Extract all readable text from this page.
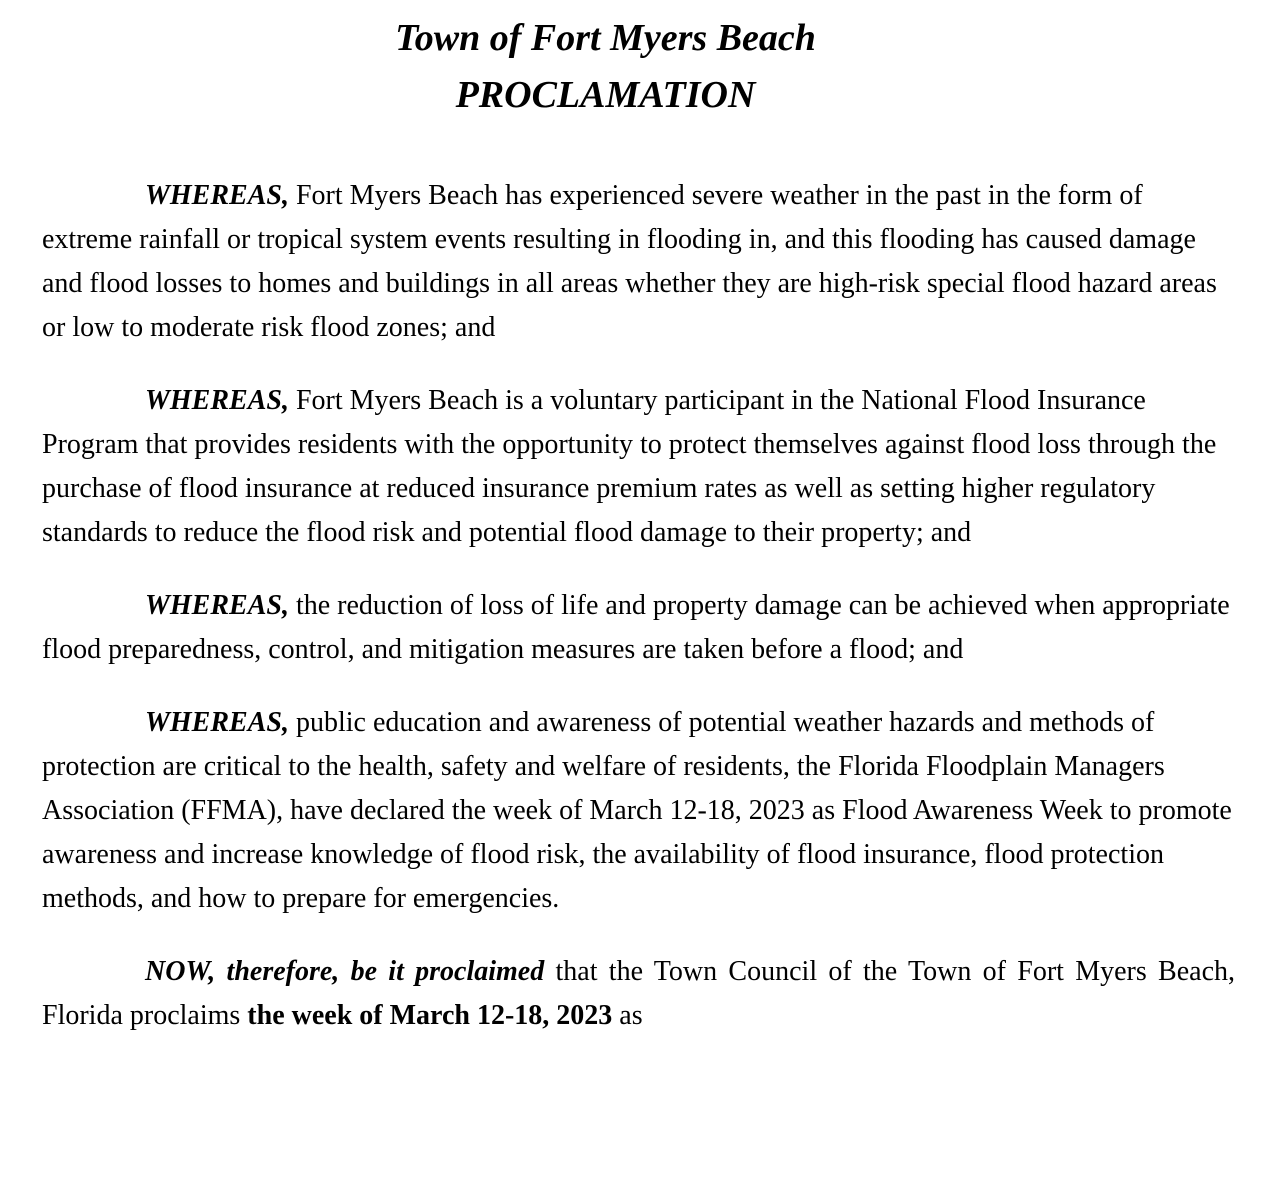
Town of Fort Myers Beach
PROCLAMATION

WHEREAS, Fort Myers Beach has experienced severe weather in the past in the form of extreme rainfall or tropical system events resulting in flooding in, and this flooding has caused damage and flood losses to homes and buildings in all areas whether they are high-risk special flood hazard areas or low to moderate risk flood zones; and

WHEREAS, Fort Myers Beach is a voluntary participant in the National Flood Insurance Program that provides residents with the opportunity to protect themselves against flood loss through the purchase of flood insurance at reduced insurance premium rates as well as setting higher regulatory standards to reduce the flood risk and potential flood damage to their property; and

WHEREAS, the reduction of loss of life and property damage can be achieved when appropriate flood preparedness, control, and mitigation measures are taken before a flood; and

WHEREAS, public education and awareness of potential weather hazards and methods of protection are critical to the health, safety and welfare of residents, the Florida Floodplain Managers Association (FFMA), have declared the week of March 12-18, 2023 as Flood Awareness Week to promote awareness and increase knowledge of flood risk, the availability of flood insurance, flood protection methods, and how to prepare for emergencies.

NOW, therefore, be it proclaimed that the Town Council of the Town of Fort Myers Beach, Florida proclaims the week of March 12-18, 2023 as
